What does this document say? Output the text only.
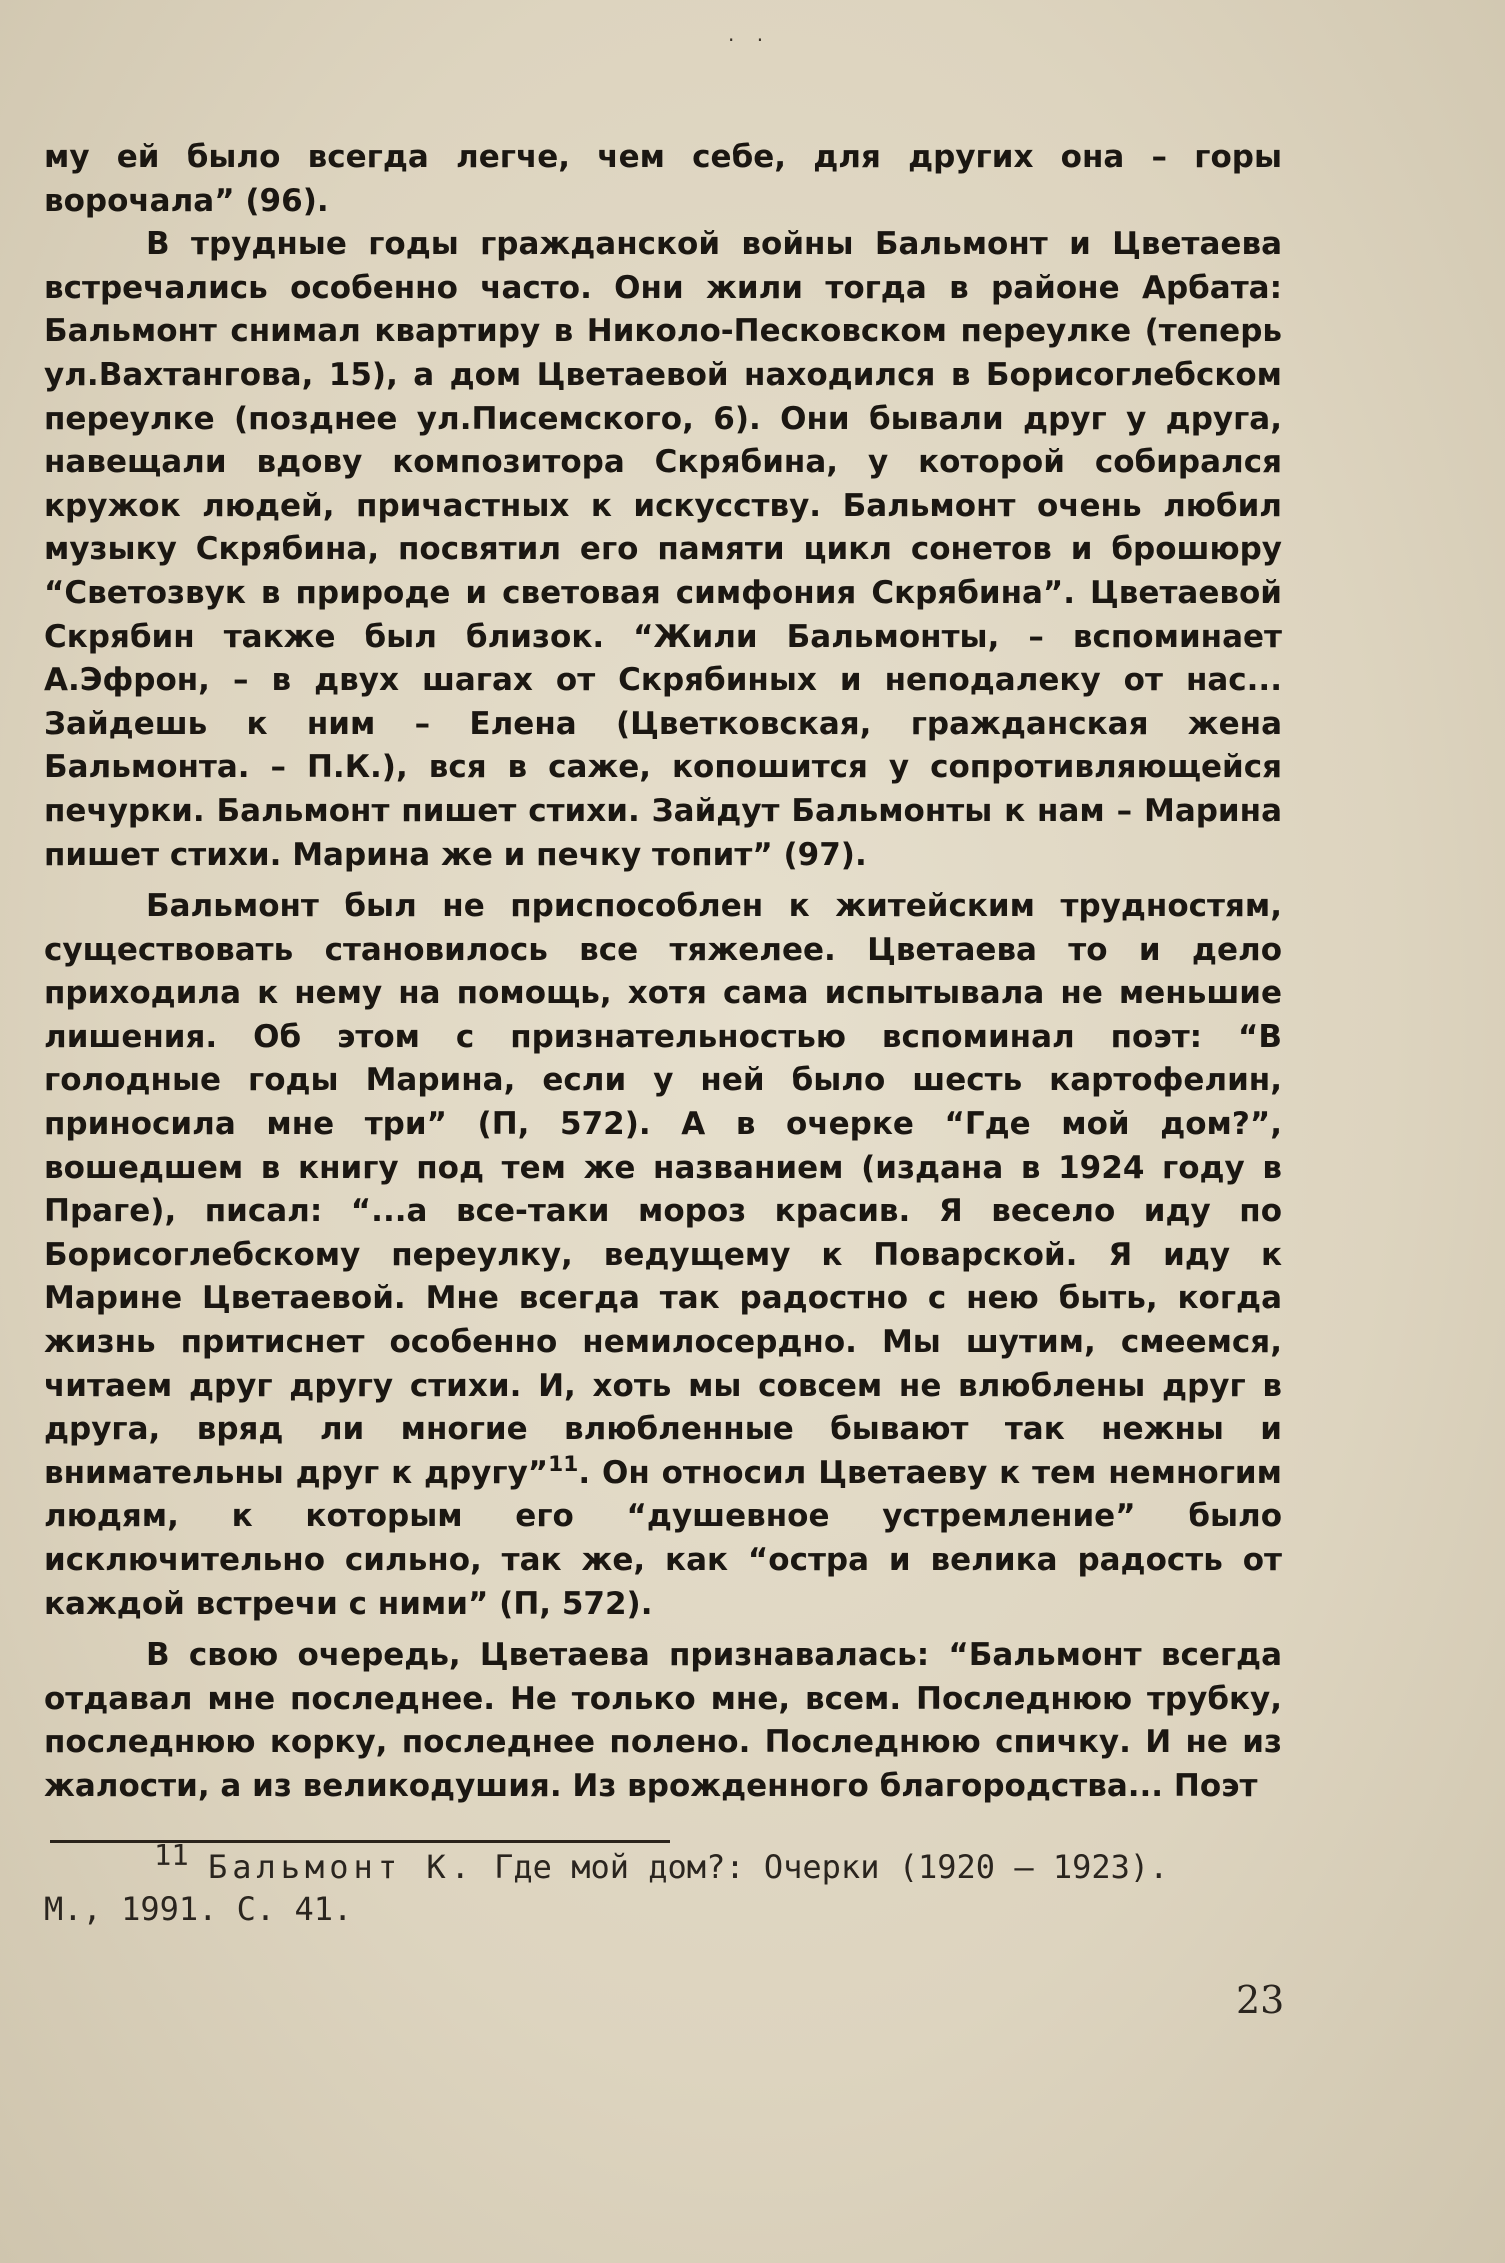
· ·

му ей было всегда легче, чем себе, для других она – горы ворочала” (96).

В трудные годы гражданской войны Бальмонт и Цветаева встречались особенно часто. Они жили тогда в районе Арбата: Бальмонт снимал квартиру в Николо-Песковском переулке (теперь ул.Вахтангова, 15), а дом Цветаевой находился в Борисоглебском переулке (позднее ул.Писемского, 6). Они бывали друг у друга, навещали вдову композитора Скрябина, у которой собирался кружок людей, причастных к искусству. Бальмонт очень любил музыку Скрябина, посвятил его памяти цикл сонетов и брошюру “Светозвук в природе и световая симфония Скрябина”. Цветаевой Скрябин также был близок. “Жили Бальмонты, – вспоминает А.Эфрон, – в двух шагах от Скрябиных и неподалеку от нас... Зайдешь к ним – Елена (Цветковская, гражданская жена Бальмонта. – П.К.), вся в саже, копошится у сопротивляющейся печурки. Бальмонт пишет стихи. Зайдут Бальмонты к нам – Марина пишет стихи. Марина же и печку топит” (97).

Бальмонт был не приспособлен к житейским трудностям, существовать становилось все тяжелее. Цветаева то и дело приходила к нему на помощь, хотя сама испытывала не меньшие лишения. Об этом с признательностью вспоминал поэт: “В голодные годы Марина, если у ней было шесть картофелин, приносила мне три” (П, 572). А в очерке “Где мой дом?”, вошедшем в книгу под тем же названием (издана в 1924 году в Праге), писал: “...а все-таки мороз красив. Я весело иду по Борисоглебскому переулку, ведущему к Поварской. Я иду к Марине Цветаевой. Мне всегда так радостно с нею быть, когда жизнь притиснет особенно немилосердно. Мы шутим, смеемся, читаем друг другу стихи. И, хоть мы совсем не влюблены друг в друга, вряд ли многие влюбленные бывают так нежны и внимательны друг к другу”$^{11}$. Он относил Цветаеву к тем немногим людям, к которым его “душевное устремление” было исключительно сильно, так же, как “остра и велика радость от каждой встречи с ними” (П, 572).

В свою очередь, Цветаева признавалась: “Бальмонт всегда отдавал мне последнее. Не только мне, всем. Последнюю трубку, последнюю корку, последнее полено. Последнюю спичку. И не из жалости, а из великодушия. Из врожденного благородства... Поэт

11 Бальмонт К. Где мой дом?: Очерки (1920 – 1923).
М., 1991. С. 41.
23
